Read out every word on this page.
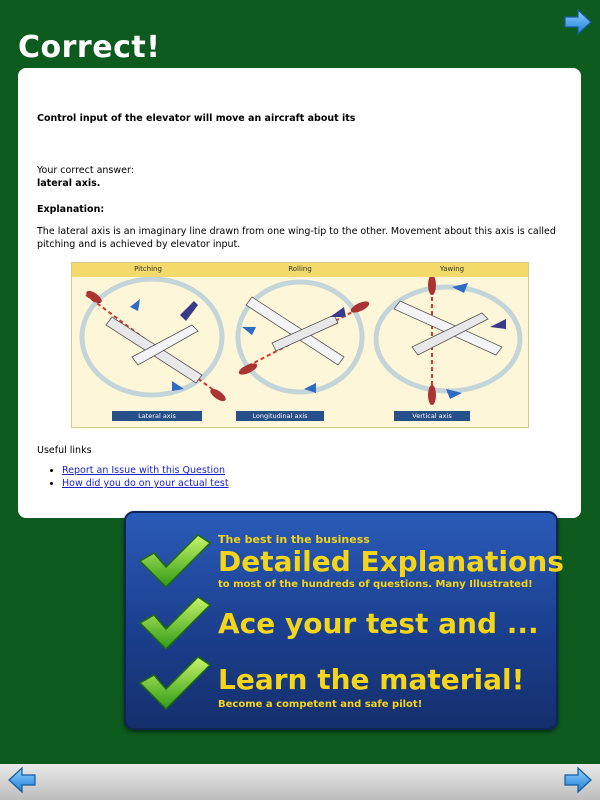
Correct!
Control input of the elevator will move an aircraft about its
Your correct answer:
lateral axis.
Explanation:
The lateral axis is an imaginary line drawn from one wing-tip to the other. Movement about this axis is called pitching and is achieved by elevator input.
Pitching	Rolling	Yawing
Lateral axis	Longitudinal axis	Vertical axis
Useful links
• Report an Issue with this Question
• How did you do on your actual test
The best in the business
Detailed Explanations
to most of the hundreds of questions. Many Illustrated!
Ace your test and ...
Learn the material!
Become a competent and safe pilot!
